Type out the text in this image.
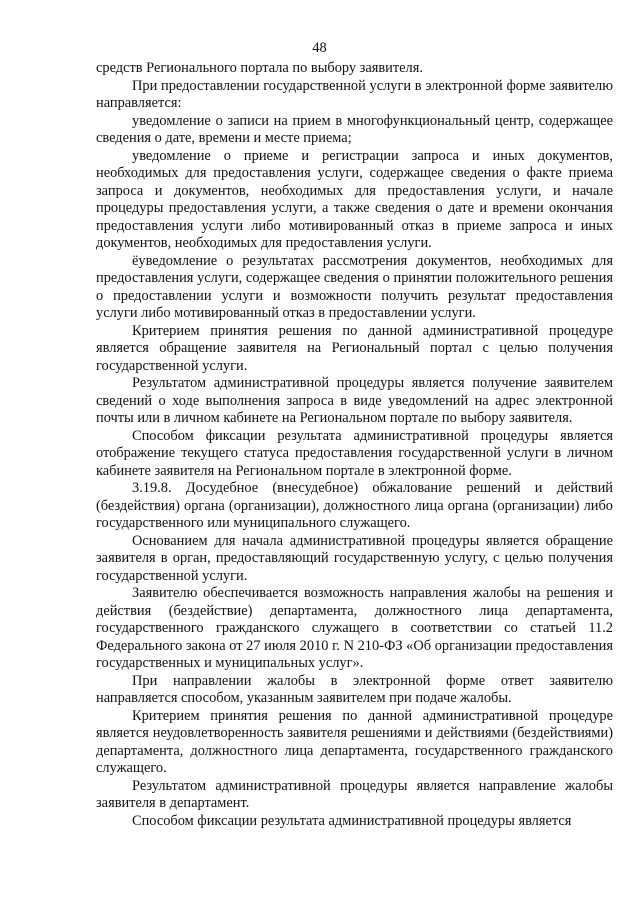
48

средств Регионального портала по выбору заявителя.

При предоставлении государственной услуги в электронной форме заявителю направляется:

уведомление о записи на прием в многофункциональный центр, содержащее сведения о дате, времени и месте приема;

уведомление о приеме и регистрации запроса и иных документов, необходимых для предоставления услуги, содержащее сведения о факте приема запроса и документов, необходимых для предоставления услуги, и начале процедуры предоставления услуги, а также сведения о дате и времени окончания предоставления услуги либо мотивированный отказ в приеме запроса и иных документов, необходимых для предоставления услуги.

ёуведомление о результатах рассмотрения документов, необходимых для предоставления услуги, содержащее сведения о принятии положительного решения о предоставлении услуги и возможности получить результат предоставления услуги либо мотивированный отказ в предоставлении услуги.

Критерием принятия решения по данной административной процедуре является обращение заявителя на Региональный портал с целью получения государственной услуги.

Результатом административной процедуры является получение заявителем сведений о ходе выполнения запроса в виде уведомлений на адрес электронной почты или в личном кабинете на Региональном портале по выбору заявителя.

Способом фиксации результата административной процедуры является отображение текущего статуса предоставления государственной услуги в личном кабинете заявителя на Региональном портале в электронной форме.

3.19.8. Досудебное (внесудебное) обжалование решений и действий (бездействия) органа (организации), должностного лица органа (организации) либо государственного или муниципального служащего.

Основанием для начала административной процедуры является обращение заявителя в орган, предоставляющий государственную услугу, с целью получения государственной услуги.

Заявителю обеспечивается возможность направления жалобы на решения и действия (бездействие) департамента, должностного лица департамента, государственного гражданского служащего в соответствии со статьей 11.2 Федерального закона от 27 июля 2010 г. N 210-ФЗ «Об организации предоставления государственных и муниципальных услуг».

При направлении жалобы в электронной форме ответ заявителю направляется способом, указанным заявителем при подаче жалобы.

Критерием принятия решения по данной административной процедуре является неудовлетворенность заявителя решениями и действиями (бездействиями) департамента, должностного лица департамента, государственного гражданского служащего.

Результатом административной процедуры является направление жалобы заявителя в департамент.

Способом фиксации результата административной процедуры является
